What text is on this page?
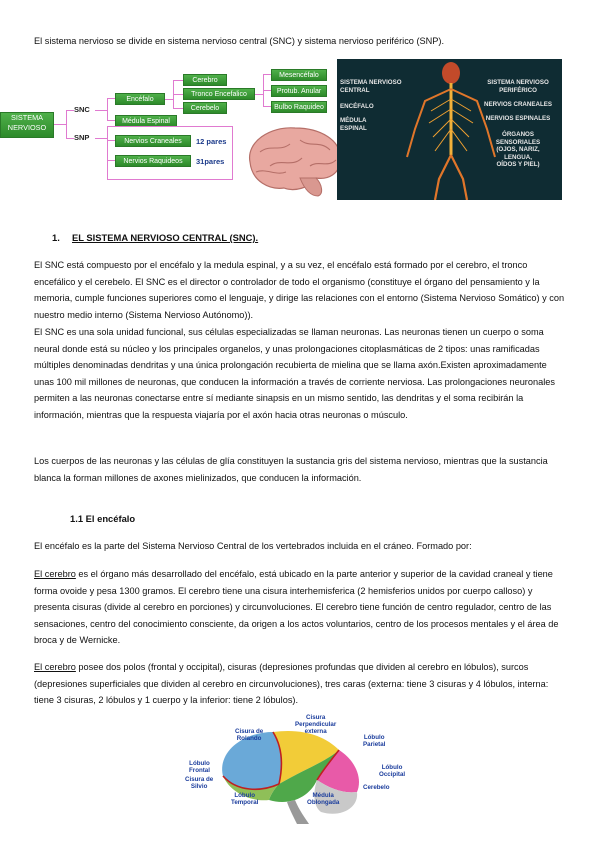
El sistema nervioso se divide en sistema nervioso central (SNC) y sistema nervioso periférico (SNP).

SISTEMA
NERVIOSO
SNC
SNP
Encéfalo
Médula Espinal
Cerebro
Tronco Encefalico
Cerebelo
Mesencéfalo
Protub. Anular
Bulbo Raquideo
Nervios Craneales	12 pares
Nervios Raquideos	31pares
SISTEMA NERVIOSO
CENTRAL
ENCÉFALO
MÉDULA
ESPINAL
SISTEMA NERVIOSO
PERIFÉRICO
NERVIOS CRANEALES
NERVIOS ESPINALES
ÓRGANOS
SENSORIALES
(OJOS, NARIZ,
LENGUA,
OÍDOS Y PIEL)
1. EL SISTEMA NERVIOSO CENTRAL (SNC).

El SNC está compuesto por el encéfalo y la medula espinal, y a su vez, el encéfalo está formado por el cerebro, el tronco encefálico y el cerebelo. El SNC es el director o controlador de todo el organismo (constituye el órgano del pensamiento y la memoria, cumple funciones superiores como el lenguaje, y dirige las relaciones con el entorno (Sistema Nervioso Somático) y con nuestro medio interno (Sistema Nervioso Autónomo)).

El SNC es una sola unidad funcional, sus células especializadas se llaman neuronas. Las neuronas tienen un cuerpo o soma neural donde está su núcleo y los principales organelos, y unas prolongaciones citoplasmáticas de 2 tipos: unas ramificadas múltiples denominadas dendritas y una única prolongación recubierta de mielina que se llama axón.Existen aproximadamente unas 100 mil millones de neuronas, que conducen la información a través de corriente nerviosa. Las prolongaciones neuronales permiten a las neuronas conectarse entre sí mediante sinapsis en un mismo sentido, las dendritas y el soma recibirán la información, mientras que la respuesta viajaría por el axón hacia otras neuronas o músculo.

Los cuerpos de las neuronas y las células de glía constituyen la sustancia gris del sistema nervioso, mientras que la sustancia blanca la forman millones de axones mielinizados, que conducen la información.

1.1 El encéfalo

El encéfalo es la parte del Sistema Nervioso Central de los vertebrados incluida en el cráneo. Formado por:

El cerebro es el órgano más desarrollado del encéfalo, está ubicado en la parte anterior y superior de la cavidad craneal y tiene forma ovoide y pesa 1300 gramos. El cerebro tiene una cisura interhemisferica (2 hemisferios unidos por cuerpo calloso) y presenta cisuras (divide al cerebro en porciones) y circunvoluciones. El cerebro tiene función de centro regulador, centro de las sensaciones, centro del conocimiento consciente, da origen a los actos voluntarios, centro de los procesos mentales y el área de broca y de Wernicke.

El cerebro posee dos polos (frontal y occipital), cisuras (depresiones profundas que dividen al cerebro en lóbulos), surcos (depresiones superficiales que dividen al cerebro en circunvoluciones), tres caras (externa: tiene 3 cisuras y 4 lóbulos, interna: tiene 3 cisuras, 2 lóbulos y 1 cuerpo y la inferior: tiene 2 lóbulos).

Cisura
Perpendicular
externa
Cisura de
Rolando	Lóbulo
Parietal
Lóbulo
Frontal	Lóbulo
Occipital
Cisura de
Silvio
Lóbulo
Temporal
Médula
Oblongada
Cerebelo
